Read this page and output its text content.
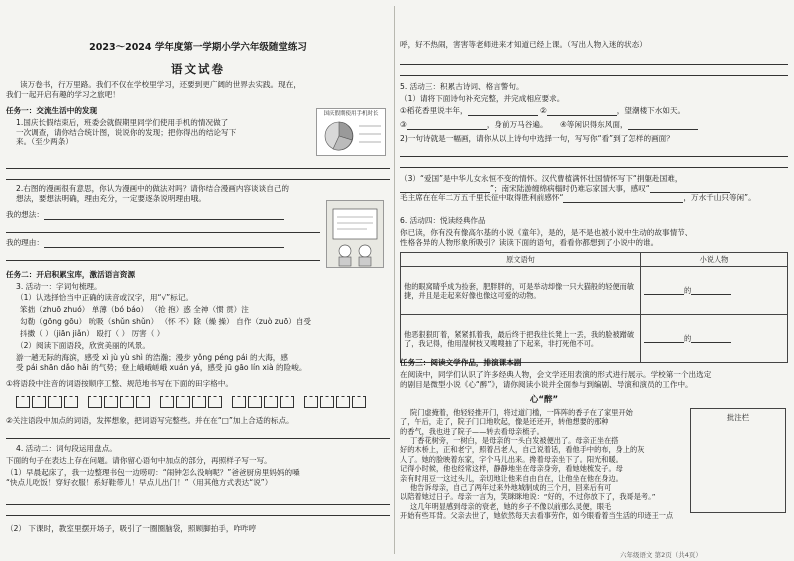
2023～2024 学年度第一学期小学六年级随堂练习
语文试卷
读万卷书，行万里路。我们不仅在学校里学习，还要到更广阔的世界去实践。现在，
我们一起开启有趣的学习之旅吧！
任务一：交流生活中的发现
1.国庆长假结束后，班委会就假期里同学们使用手机的情况做了
一次调查，请你结合统计图，说说你的发现；把你得出的结论写下
来。（至少两条）
国庆假期使用手机时长
2.右图的漫画很有意思，你认为漫画中的做法对吗？请你结合漫画内容谈谈自己的
想法，要想法明确，理由充分，一定要逐条说明理由哦。
我的想法：
我的理由：
任务二：开启积累宝库，激活语言资源
3. 活动一：字词句梳理。
（1）认选择恰当中正确的读音或汉字，用“√”标记。
笨拙（zhuō zhuó） 单薄（bó báo） （抢 抱）惑 全神（惯 贯）注
勾勒（gōng gōu） 吮吸（shǔn shǔn） （怀 不）除（燥 操） 自作（zuò zuō）自受
抖擞（ ）（jiān jiǎn） 殴打（ ） 厉害（ ）
（2）阅读下面语段，欣赏美丽的风景。
游一趟无际的海滨，感受 xì jù yù shì 的浩瀚；漫步 yǒng péng pái 的大海，感
受 pái shān dǎo hǎi 的气势；登上峨峨嵯峨 xuán yá，感受 jū gāo lín xià 的险峻。
①将语段中注音的词语按顺序工整、规范地书写在下面的田字格中。
②关注语段中加点的词语，发挥想象，把词语写完整些。并在在“□”加上合适的标点。
4. 活动二：词句段运用盘点。
下面的句子在表达上存在问题。请你留心语句中加点的部分，再照样子写一写。
（1）早晨起床了，我一边整理书包一边唠叨：“闹钟怎么没响呢？”爸爸厨房里妈妈的嗓
“快点儿吃饭！穿好衣服！系好鞋带儿！早点儿出门！”（用其他方式表达“说”）
（2） 下课时，教室里摆开场子，吸引了一圈圈脑袋，照顾脚拍手，咋咋哼
呼，好不热闹，害害等老师进来才知道已经上课。（写出人物入迷的状态）
5. 活动三：积累古诗词、格言警句。
（1）请将下面诗句补充完整，并完成相应要求。
①稻花香里说丰年，	②	，望潮楼下水如天。
③	，身前万马谷遍。 ④等闲识得东风面，
2)一句诗就是一幅画，请你从以上诗句中选择一句，写写你“看”到了怎样的画面？
（3）“爱国”是中华儿女永恒不变的情怀。汉代曹植满怀壮国情怀写下“捐躯赴国难，
”；南宋陆游缠绵病榻时仍难忘家国大事，感叹“
毛主席在在年二万五千里长征中取得胜利前感怀“	，万水千山只等闲”。
6. 活动四：悦读经典作品
你已读，你有没有像高尔基的小说《童年》，是的，是不是也被小说中生动的故事情节、
性格各异的人物形象所吸引？读读下面的语句，看看你都想到了小说中的谁。
原文语句	小说人物
他的眼窝睛乎成为捡套，肥胖胖的，可是举动却像一只大猫般的轻便而敏捷，并且是走起来好像也像这可爱的动物。	的
他恶狠狠盯着，紧紧抓着我，最后终于把我往长凳上一丢，我的脸被蹭破了，我记得，他用湿树枝又嗖嗖抽了下起来，非打死他不可。	的
任务三：阅读文学作品，排演课本剧
在阅读中，同学们认识了许多经典人物，会文学还用表演的形式进行展示。学校第一个出选定
的剧目是微型小说《心“醉”》，请你阅读小说并全面参与到编剧、导演和演员的工作中。
心“醉”
批注栏
院门虚掩着，他轻轻推开门，将过道门槛，一阵阵的香子在了家里开始
了，午后，走了，院子门口地吹起，像是还还开，转他想要的那种
的香气，我也进了院子——转去看母亲梳子。
丁香花树旁，一树白，是母亲的一头白发被便出了。母亲正坐在搭
好的木桥上，正和老宁，照着吕老人，自己说着话，看他手中的布，身上的灰
人了。她的脸映着东家，字个马儿出来。搀着母亲坐下了。阳光和暖。
记得小时候，他也经常这样，静静地坐在母亲身旁，看她她梳发子。母
亲有时用豆一这过头儿，亲切地让他来自由自在，让他坐在他在身边。
他告诉母亲，自己了两年过来外地城制成的三个月，回来后有可
以陪着她过日子。母亲一言为，笑眯眯地说：“好的，不过你放下了，我哥是考。”
这几年明显感到母亲的衰老，她的乡子不像以前那么灵便，眼毛
开始有些耳背。父亲去世了，她依然每天去看事劳作，如今眼看着当生活的印迹王一点
六年级语文 第2页（共4页）
